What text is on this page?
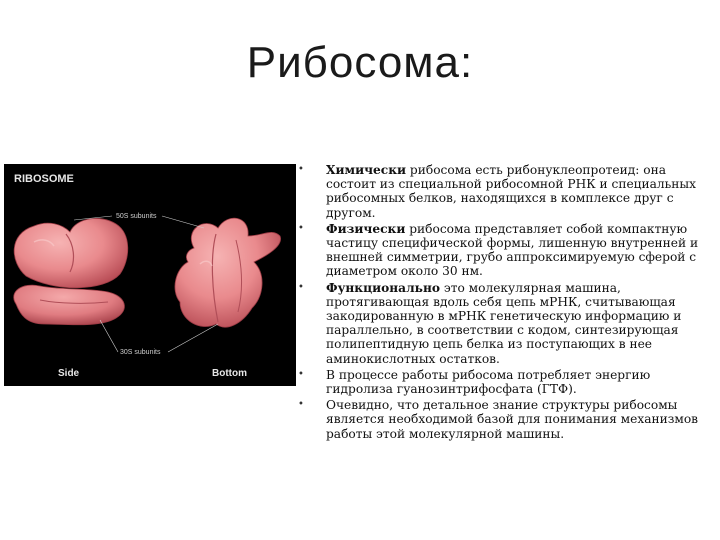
Рибосома:
RIBOSOME
50S subunits
30S subunits
Side	Bottom
• Химически рибосома есть рибонуклеопротеид: она состоит из специальной рибосомной РНК и специальных рибосомных белков, находящихся в комплексе друг с другом.
• Физически рибосома представляет собой компактную частицу специфической формы, лишенную внутренней и внешней симметрии, грубо аппроксимируемую сферой с диаметром около 30 нм.
• Функционально это молекулярная машина, протягивающая вдоль себя цепь мРНК, считывающая закодированную в мРНК генетическую информацию и параллельно, в соответствии с кодом, синтезирующая полипептидную цепь белка из поступающих в нее аминокислотных остатков.
• В процессе работы рибосома потребляет энергию гидролиза гуанозинтрифосфата (ГТФ).
• Очевидно, что детальное знание структуры рибосомы является необходимой базой для понимания механизмов работы этой молекулярной машины.
